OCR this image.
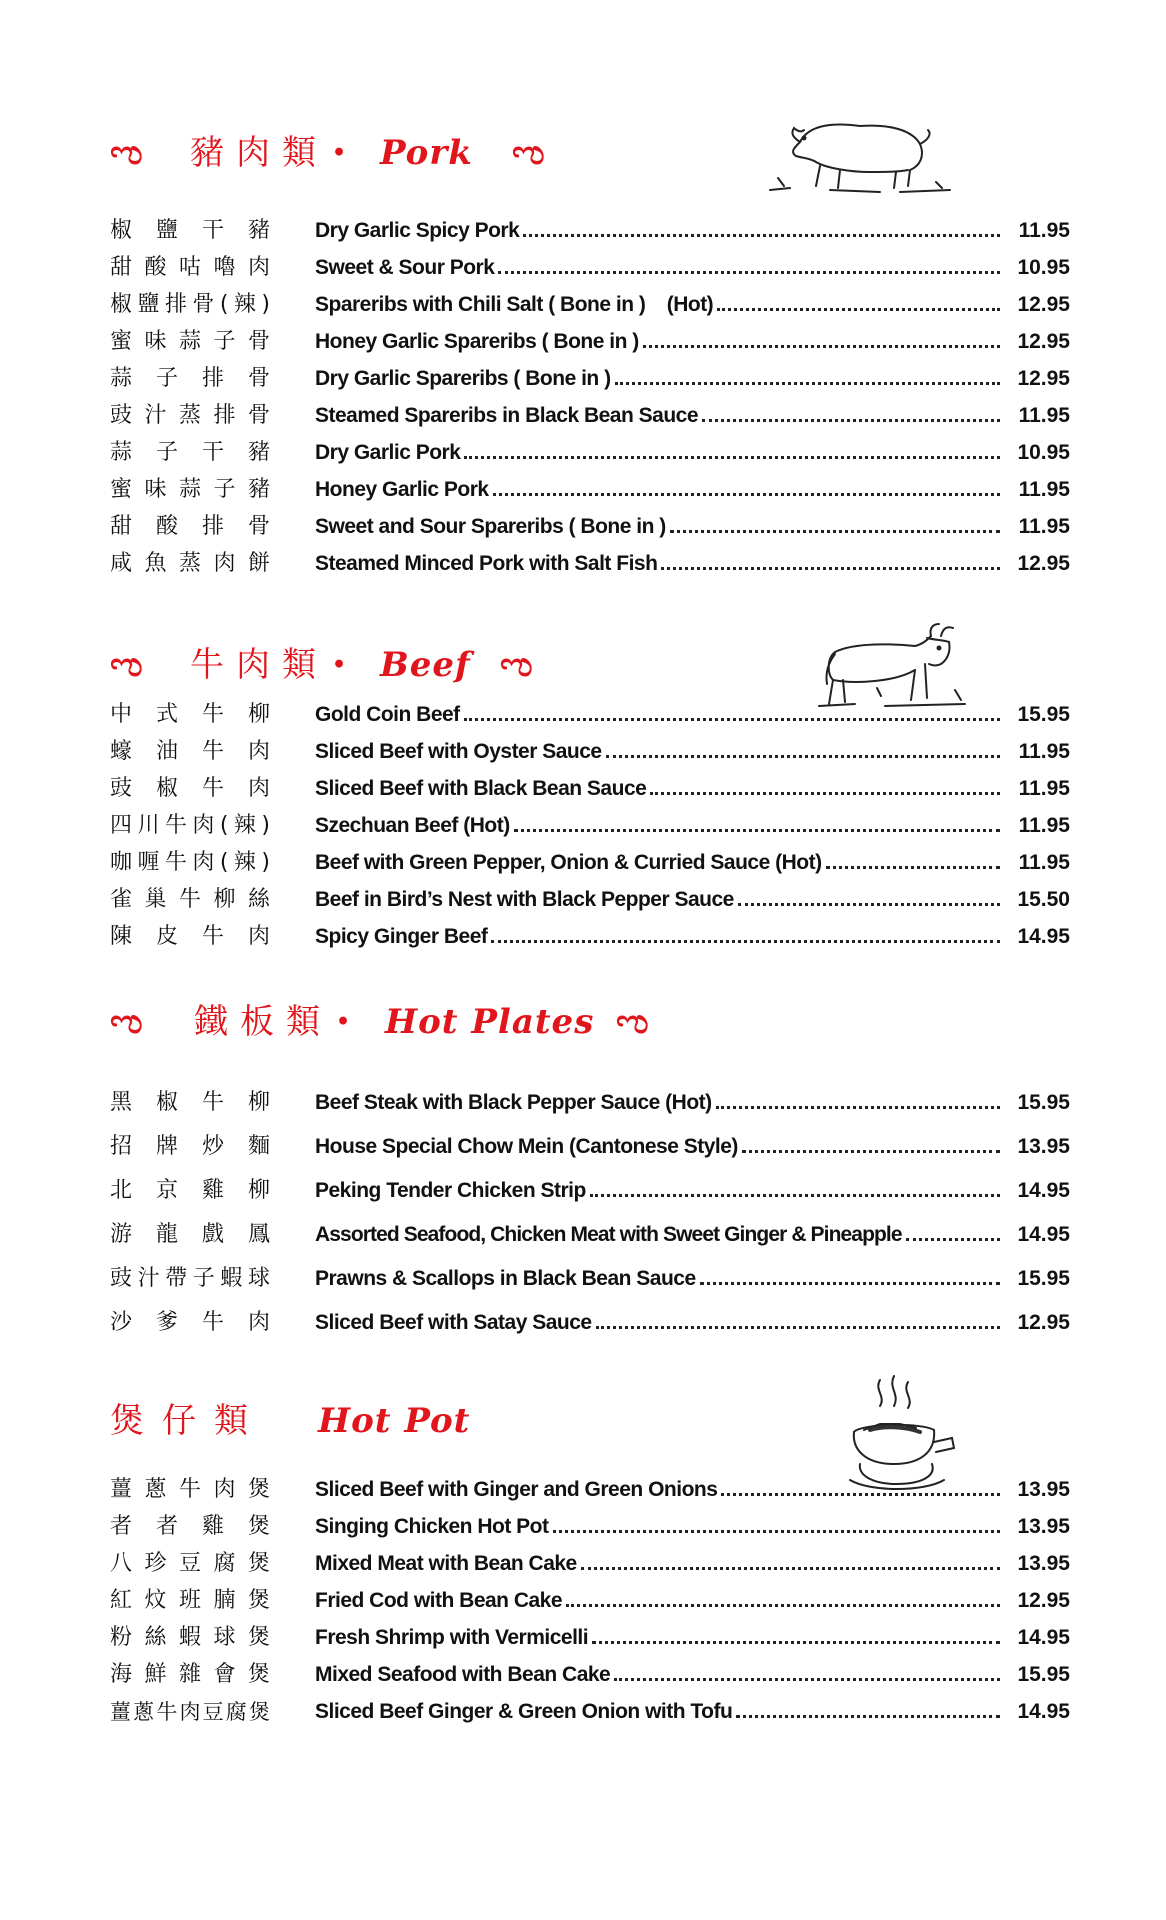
ಌ 豬肉類 • Pork ಌ
椒 鹽 干 豬 Dry Garlic Spicy Pork	11.95
甜 酸 咕 嚕 肉 Sweet & Sour Pork	10.95
椒 鹽 排 骨 ( 辣 ) Spareribs with Chili Salt ( Bone in )    (Hot)	12.95
蜜 味 蒜 子 骨 Honey Garlic Spareribs ( Bone in )	12.95
蒜 子 排 骨 Dry Garlic Spareribs ( Bone in )	12.95
豉 汁 蒸 排 骨 Steamed Spareribs in Black Bean Sauce	11.95
蒜 子 干 豬 Dry Garlic Pork	10.95
蜜 味 蒜 子 豬 Honey Garlic Pork	11.95
甜 酸 排 骨 Sweet and Sour Spareribs ( Bone in )	11.95
咸 魚 蒸 肉 餅 Steamed Minced Pork with Salt Fish	12.95
ಌ 牛肉類 • Beef ಌ
中 式 牛 柳 Gold Coin Beef	15.95
蠔 油 牛 肉 Sliced Beef with Oyster Sauce	11.95
豉 椒 牛 肉 Sliced Beef with Black Bean Sauce	11.95
四 川 牛 肉 ( 辣 ) Szechuan Beef (Hot)	11.95
咖 喱 牛 肉 ( 辣 ) Beef with Green Pepper, Onion & Curried Sauce (Hot)	11.95
雀 巢 牛 柳 絲 Beef in Bird’s Nest with Black Pepper Sauce	15.50
陳 皮 牛 肉 Spicy Ginger Beef	14.95
ಌ 鐵板類 • Hot Plates ಌ
黑 椒 牛 柳 Beef Steak with Black Pepper Sauce (Hot)	15.95
招 牌 炒 麵 House Special Chow Mein (Cantonese Style)	13.95
北 京 雞 柳 Peking Tender Chicken Strip	14.95
游 龍 戲 鳳 Assorted Seafood, Chicken Meat with Sweet Ginger & Pineapple	14.95
豉 汁 帶 子 蝦 球 Prawns & Scallops in Black Bean Sauce	15.95
沙 爹 牛 肉 Sliced Beef with Satay Sauce	12.95
煲仔類 Hot Pot
薑 蔥 牛 肉 煲 Sliced Beef with Ginger and Green Onions	13.95
者 者 雞 煲 Singing Chicken Hot Pot	13.95
八 珍 豆 腐 煲 Mixed Meat with Bean Cake	13.95
紅 炆 班 腩 煲 Fried Cod with Bean Cake	12.95
粉 絲 蝦 球 煲 Fresh Shrimp with Vermicelli	14.95
海 鮮 雜 會 煲 Mixed Seafood with Bean Cake	15.95
薑 蔥 牛 肉 豆 腐 煲 Sliced Beef Ginger & Green Onion with Tofu	14.95
